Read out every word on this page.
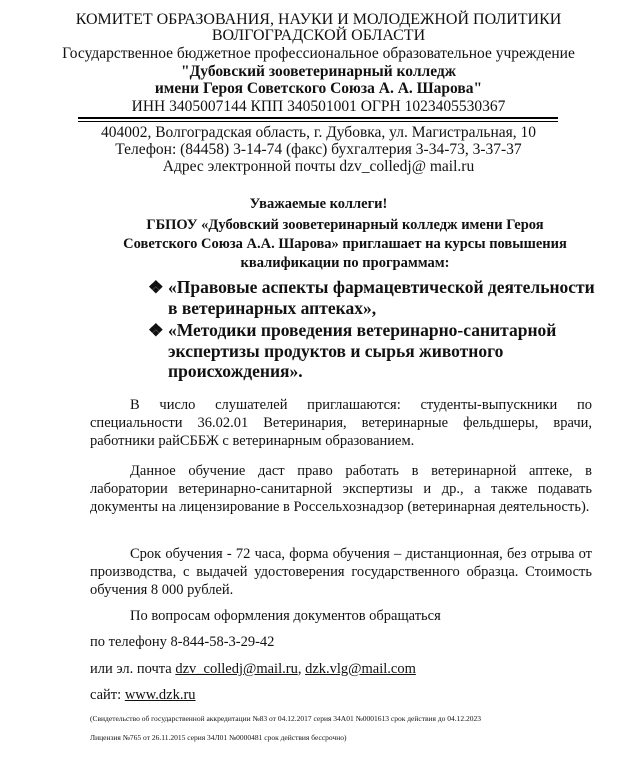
КОМИТЕТ ОБРАЗОВАНИЯ, НАУКИ И МОЛОДЕЖНОЙ ПОЛИТИКИ
ВОЛГОГРАДСКОЙ ОБЛАСТИ
Государственное бюджетное профессиональное образовательное учреждение
"Дубовский зооветеринарный колледж
имени Героя Советского Союза А. А. Шарова"
ИНН 3405007144 КПП 340501001 ОГРН 1023405530367
404002, Волгоградская область, г. Дубовка, ул. Магистральная, 10
Телефон: (84458) 3-14-74 (факс) бухгалтерия 3-34-73, 3-37-37
Адрес электронной почты dzv_colledj@ mail.ru
Уважаемые коллеги!
ГБПОУ «Дубовский зооветеринарный колледж имени Героя
Советского Союза А.А. Шарова» приглашает на курсы повышения
квалификации по программам:
❖ «Правовые аспекты фармацевтической деятельности в ветеринарных аптеках»,
❖ «Методики проведения ветеринарно-санитарной экспертизы продуктов и сырья животного происхождения».
В число слушателей приглашаются: студенты-выпускники по специальности 36.02.01 Ветеринария, ветеринарные фельдшеры, врачи, работники райСББЖ с ветеринарным образованием.
Данное обучение даст право работать в ветеринарной аптеке, в лаборатории ветеринарно-санитарной экспертизы и др., а также подавать документы на лицензирование в Россельхознадзор (ветеринарная деятельность).
Срок обучения - 72 часа, форма обучения – дистанционная, без отрыва от производства, с выдачей удостоверения государственного образца. Стоимость обучения 8 000 рублей.
По вопросам оформления документов обращаться
по телефону 8-844-58-3-29-42
или эл. почта dzv_colledj@mail.ru, dzk.vlg@mail.com
сайт: www.dzk.ru
(Свидетельство об государственной аккредитации №83 от 04.12.2017 серия 34А01 №0001613 срок действия до 04.12.2023
Лицензия №765 от 26.11.2015 серия 34Л01 №0000481 срок действия бессрочно)
